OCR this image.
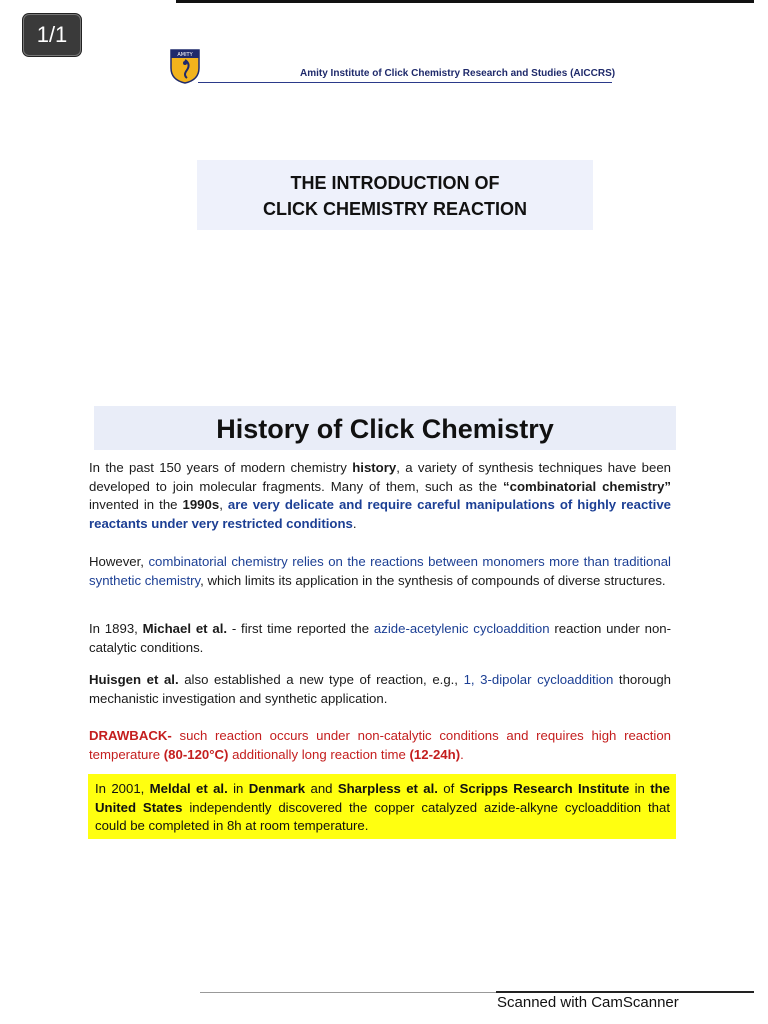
1/1
AMITY
Amity Institute of Click Chemistry Research and Studies (AICCRS)
THE INTRODUCTION OF
CLICK CHEMISTRY REACTION
History of Click Chemistry
In the past 150 years of modern chemistry history, a variety of synthesis techniques have been developed to join molecular fragments. Many of them, such as the “combinatorial chemistry” invented in the 1990s, are very delicate and require careful manipulations of highly reactive reactants under very restricted conditions.
However, combinatorial chemistry relies on the reactions between monomers more than traditional synthetic chemistry, which limits its application in the synthesis of compounds of diverse structures.
In 1893, Michael et al. - first time reported the azide-acetylenic cycloaddition reaction under non-catalytic conditions.
Huisgen et al. also established a new type of reaction, e.g., 1, 3-dipolar cycloaddition thorough mechanistic investigation and synthetic application.
DRAWBACK- such reaction occurs under non-catalytic conditions and requires high reaction temperature (80-120°C) additionally long reaction time (12-24h).
In 2001, Meldal et al. in Denmark and Sharpless et al. of Scripps Research Institute in the United States independently discovered the copper catalyzed azide-alkyne cycloaddition that could be completed in 8h at room temperature.
Scanned with CamScanner
